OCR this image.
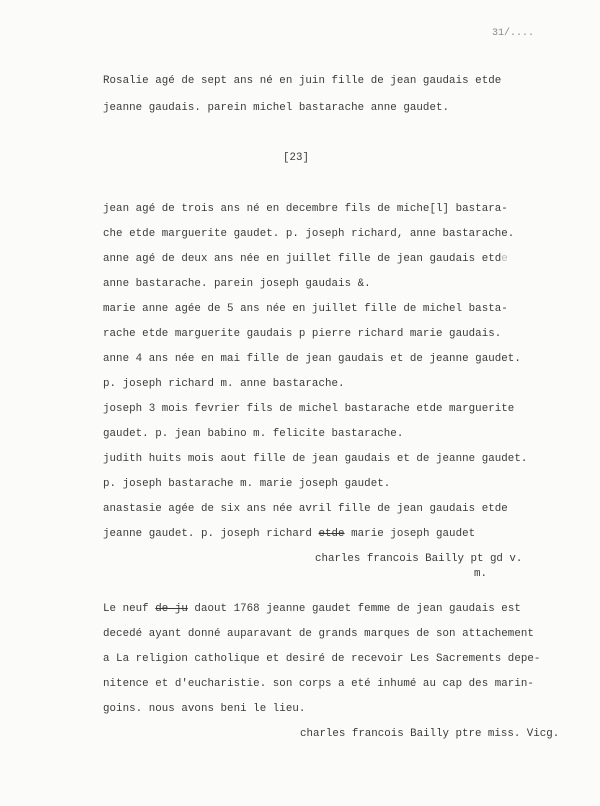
31/....
Rosalie agé de sept ans né en juin fille de jean gaudais etde
jeanne gaudais. parein michel bastarache anne gaudet.
[23]
jean agé de trois ans né en decembre fils de miche[l] bastara-
che etde marguerite gaudet. p. joseph richard, anne bastarache.
anne agé de deux ans née en juillet fille de jean gaudais etde
anne bastarache. parein joseph gaudais &.
marie anne agée de 5 ans née en juillet fille de michel basta-
rache etde marguerite gaudais p pierre richard marie gaudais.
anne 4 ans née en mai fille de jean gaudais et de jeanne gaudet.
p. joseph richard m. anne bastarache.
joseph 3 mois fevrier fils de michel bastarache etde marguerite
gaudet. p. jean babino m. felicite bastarache.
judith huits mois aout fille de jean gaudais et de jeanne gaudet.
p. joseph bastarache m. marie joseph gaudet.
anastasie agée de six ans née avril fille de jean gaudais etde
jeanne gaudet. p. joseph richard etde marie joseph gaudet
charles francois Bailly pt gd v.
m.
Le neuf de ju daout 1768 jeanne gaudet femme de jean gaudais est
decedé ayant donné auparavant de grands marques de son attachement
a La religion catholique et desiré de recevoir Les Sacrements depe-
nitence et d'eucharistie. son corps a eté inhumé au cap des marin-
goins. nous avons beni le lieu.
charles francois Bailly ptre miss. Vicg.
